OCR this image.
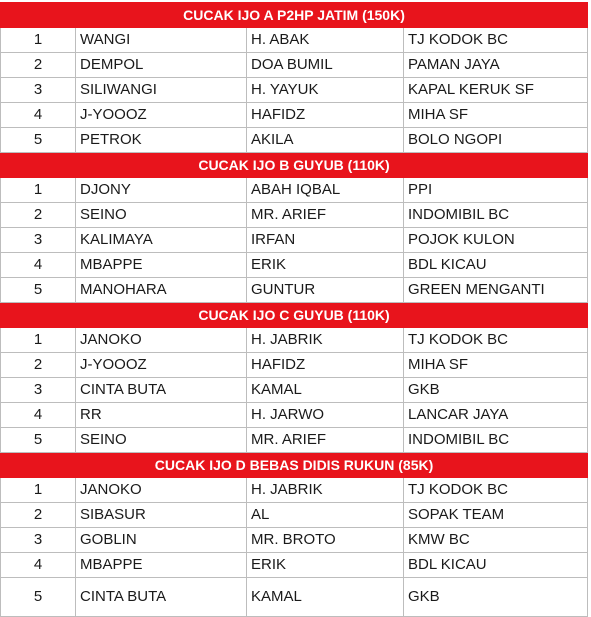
CUCAK IJO A P2HP JATIM (150K)			
1	WANGI	H. ABAK	TJ KODOK BC
2	DEMPOL	DOA BUMIL	PAMAN JAYA
3	SILIWANGI	H. YAYUK	KAPAL KERUK SF
4	J-YOOOZ	HAFIDZ	MIHA SF
5	PETROK	AKILA	BOLO NGOPI
CUCAK IJO B GUYUB (110K)			
1	DJONY	ABAH IQBAL	PPI
2	SEINO	MR. ARIEF	INDOMIBIL BC
3	KALIMAYA	IRFAN	POJOK KULON
4	MBAPPE	ERIK	BDL KICAU
5	MANOHARA	GUNTUR	GREEN MENGANTI
CUCAK IJO C GUYUB (110K)			
1	JANOKO	H. JABRIK	TJ KODOK BC
2	J-YOOOZ	HAFIDZ	MIHA SF
3	CINTA BUTA	KAMAL	GKB
4	RR	H. JARWO	LANCAR JAYA
5	SEINO	MR. ARIEF	INDOMIBIL BC
CUCAK IJO D BEBAS DIDIS RUKUN (85K)			
1	JANOKO	H. JABRIK	TJ KODOK BC
2	SIBASUR	AL	SOPAK TEAM
3	GOBLIN	MR. BROTO	KMW BC
4	MBAPPE	ERIK	BDL KICAU
5	CINTA BUTA	KAMAL	GKB
